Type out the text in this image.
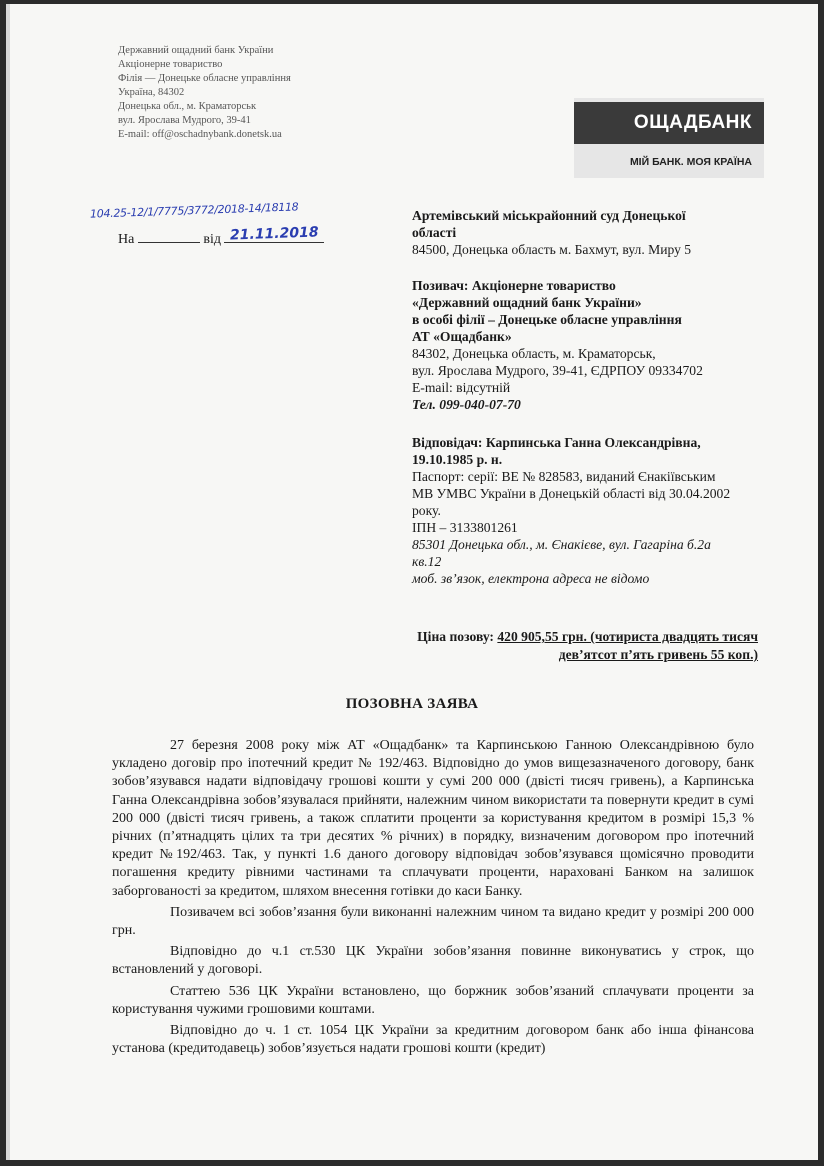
Державний ощадний банк України
Акціонерне товариство
Філія — Донецьке обласне управління
Україна, 84302
Донецька обл., м. Краматорськ
вул. Ярослава Мудрого, 39-41
E-mail: off@oschadnybank.donetsk.ua
ОЩАДБАНК
МІЙ БАНК. МОЯ КРАЇНА
104.25-12/1/7775/3772/2018-14/18118
На	від 21.11.2018
Артемівський міськрайонний суд Донецької
області
84500, Донецька область м. Бахмут, вул. Миру 5
Позивач: Акціонерне товариство
«Державний ощадний банк України»
в особі філії – Донецьке обласне управління
АТ «Ощадбанк»
84302, Донецька область, м. Краматорськ,
вул. Ярослава Мудрого, 39-41, ЄДРПОУ 09334702
E-mail: відсутній
Тел. 099-040-07-70
Відповідач: Карпинська Ганна Олександрівна,
19.10.1985 р. н.
Паспорт: серії: ВЕ № 828583, виданий Єнакіївським
МВ УМВС України в Донецькій області від 30.04.2002
року.
ІПН – 3133801261
85301 Донецька обл., м. Єнакієве, вул. Гагаріна б.2а
кв.12
моб. зв’язок, електрона адреса не відомо
Ціна позову: 420 905,55 грн. (чотириста двадцять тисяч
дев’ятсот п’ять гривень 55 коп.)
ПОЗОВНА ЗАЯВА

27 березня 2008 року між АТ «Ощадбанк» та Карпинською Ганною Олександрівною було укладено договір про іпотечний кредит № 192/463. Відповідно до умов вищезазначеного договору, банк зобов’язувався надати відповідачу грошові кошти у сумі 200 000 (двісті тисяч гривень), а Карпинська Ганна Олександрівна зобов’язувалася прийняти, належним чином використати та повернути кредит в сумі 200 000 (двісті тисяч гривень, а також сплатити проценти за користування кредитом в розмірі 15,3 % річних (п’ятнадцять цілих та три десятих % річних) в порядку, визначеним договором про іпотечний кредит №192/463. Так, у пункті 1.6 даного договору відповідач зобов’язувався щомісячно проводити погашення кредиту рівними частинами та сплачувати проценти, нараховані Банком на залишок заборгованості за кредитом, шляхом внесення готівки до каси Банку.

Позивачем всі зобов’язання були виконанні належним чином та видано кредит у розмірі 200 000 грн.

Відповідно до ч.1 ст.530 ЦК України зобов’язання повинне виконуватись у строк, що встановлений у договорі.

Статтею 536 ЦК України встановлено, що боржник зобов’язаний сплачувати проценти за користування чужими грошовими коштами.

Відповідно до ч. 1 ст. 1054 ЦК України за кредитним договором банк або інша фінансова установа (кредитодавець) зобов’язується надати грошові кошти (кредит)
